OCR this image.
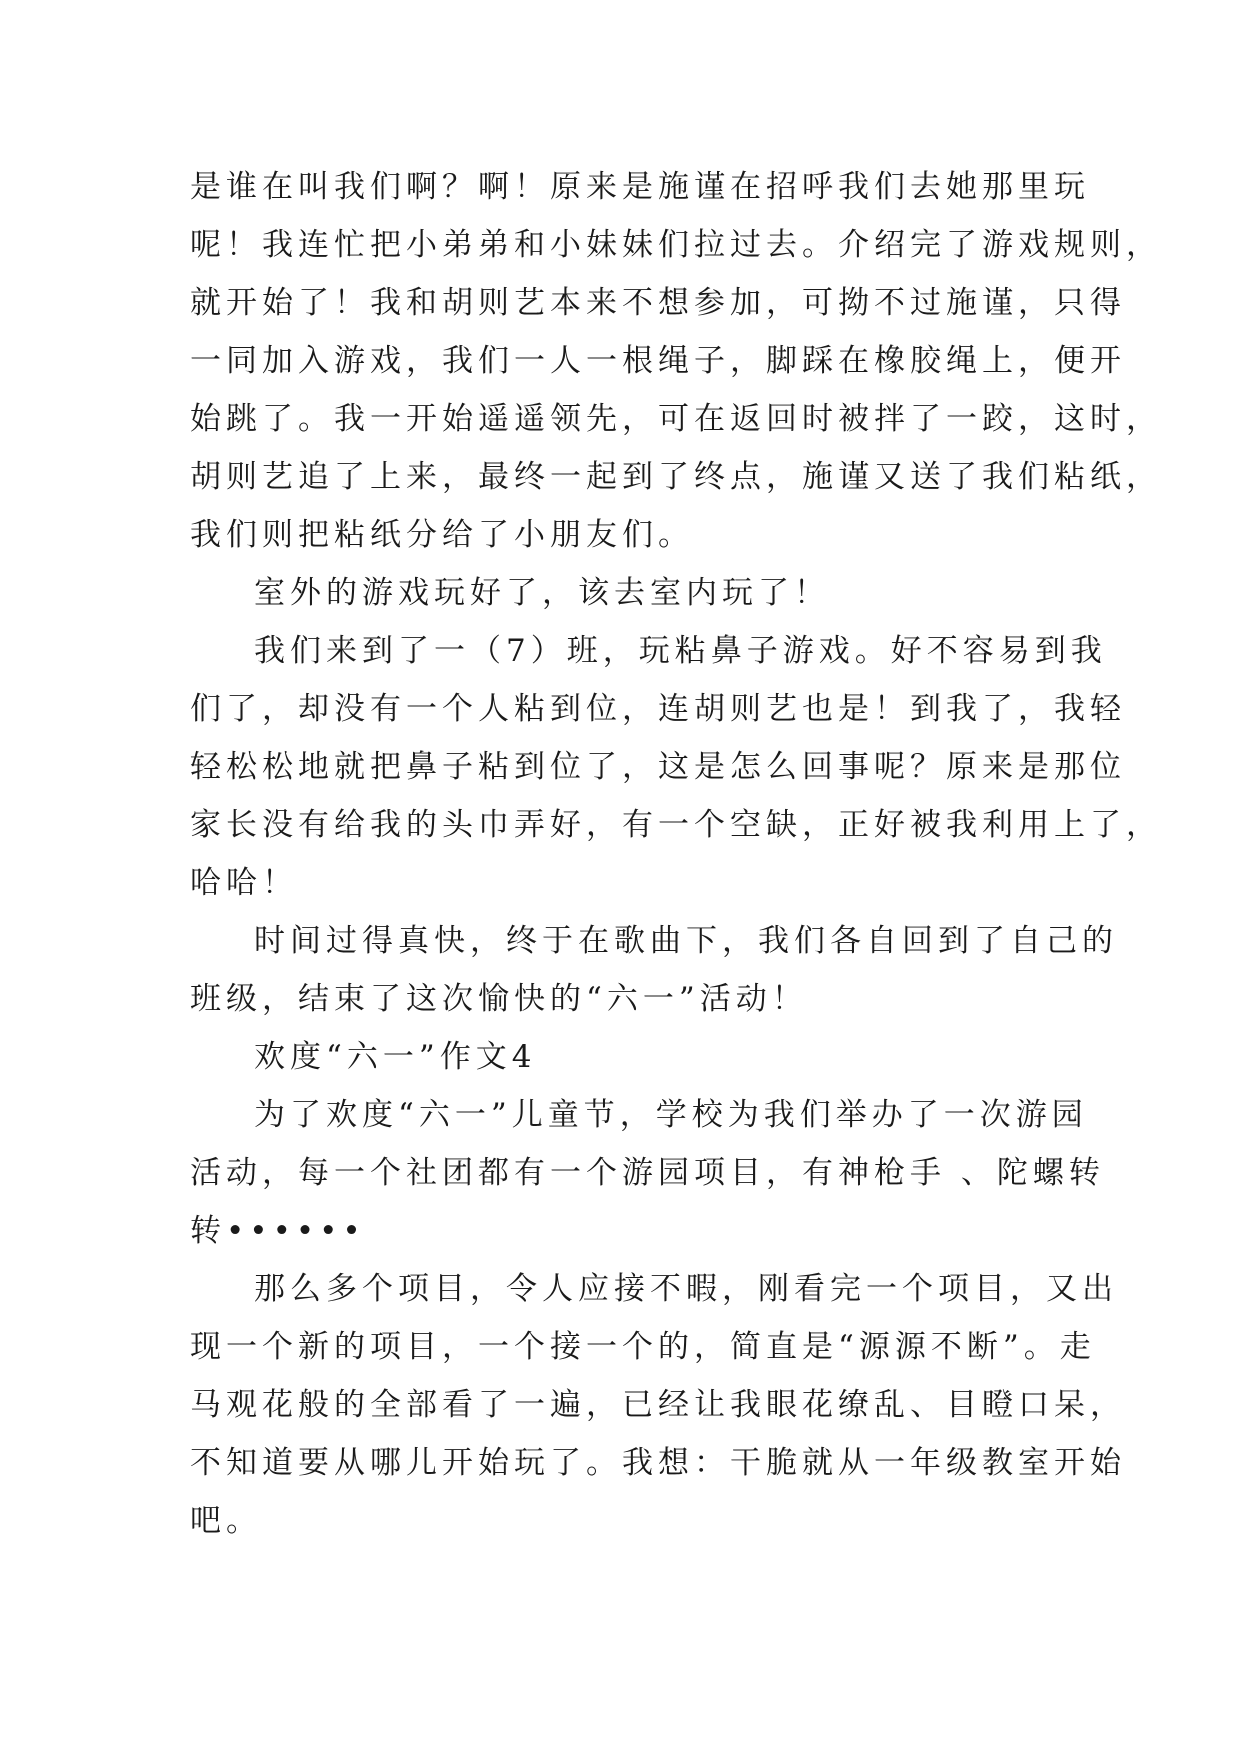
是谁在叫我们啊？啊！原来是施谨在招呼我们去她那里玩
呢！我连忙把小弟弟和小妹妹们拉过去。介绍完了游戏规则，
就开始了！我和胡则艺本来不想参加，可拗不过施谨，只得
一同加入游戏，我们一人一根绳子，脚踩在橡胶绳上，便开
始跳了。我一开始遥遥领先，可在返回时被拌了一跤，这时，
胡则艺追了上来，最终一起到了终点，施谨又送了我们粘纸，
我们则把粘纸分给了小朋友们。
室外的游戏玩好了，该去室内玩了！
我们来到了一（7）班，玩粘鼻子游戏。好不容易到我
们了，却没有一个人粘到位，连胡则艺也是！到我了，我轻
轻松松地就把鼻子粘到位了，这是怎么回事呢？原来是那位
家长没有给我的头巾弄好，有一个空缺，正好被我利用上了，
哈哈！
时间过得真快，终于在歌曲下，我们各自回到了自己的
班级，结束了这次愉快的“六一”活动！
欢度“六一”作文4
为了欢度“六一”儿童节，学校为我们举办了一次游园
活动，每一个社团都有一个游园项目，有神枪手 、陀螺转
转••••••
那么多个项目，令人应接不暇，刚看完一个项目，又出
现一个新的项目，一个接一个的，简直是“源源不断”。走
马观花般的全部看了一遍，已经让我眼花缭乱、目瞪口呆，
不知道要从哪儿开始玩了。我想：干脆就从一年级教室开始
吧。
